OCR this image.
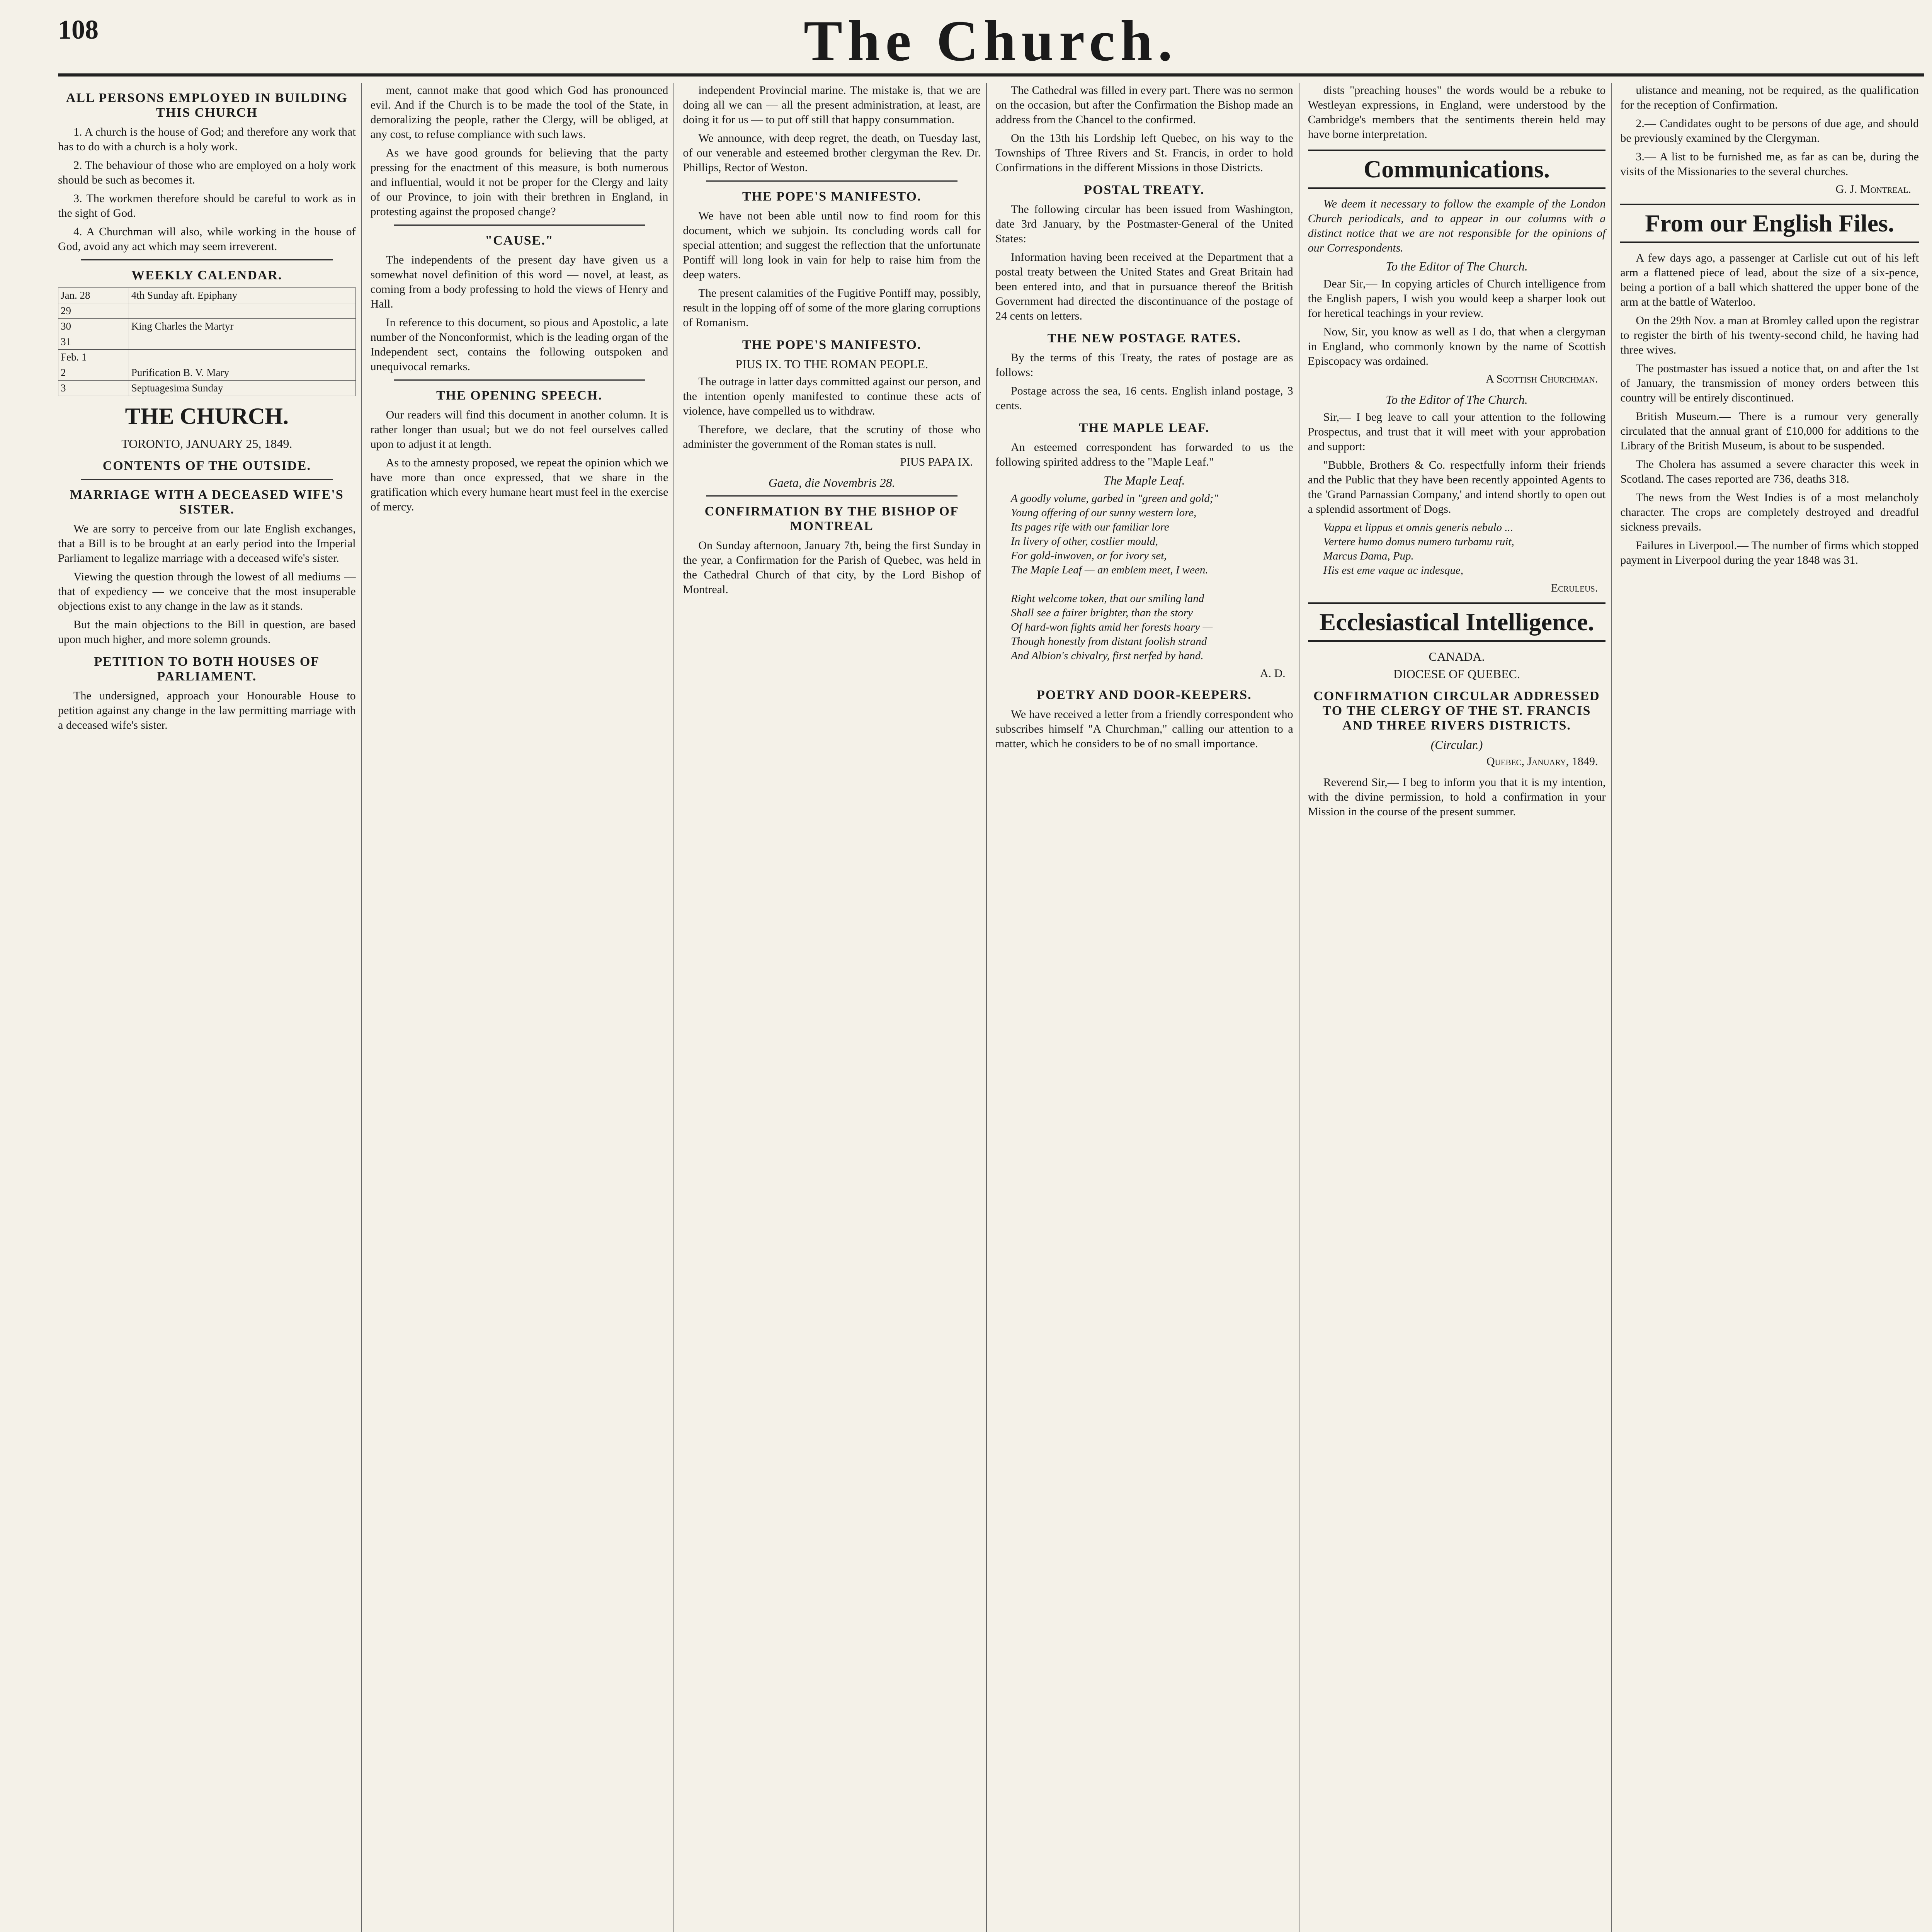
108	The Church.
ALL PERSONS EMPLOYED IN BUILDING THIS CHURCH

1. A church is the house of God; and therefore any work that has to do with a church is a holy work.

2. The behaviour of those who are employed on a holy work should be such as becomes it.

3. The workmen therefore should be careful to work as in the sight of God.

4. A Churchman will also, while working in the house of God, avoid any act which may seem irreverent.

WEEKLY CALENDAR.
Jan. 28	4th Sunday aft. Epiphany
29	
30	King Charles the Martyr
31	
Feb. 1	
2	Purification B. V. Mary
3	Septuagesima Sunday
THE CHURCH.
TORONTO, JANUARY 25, 1849.
CONTENTS OF THE OUTSIDE.
MARRIAGE WITH A DECEASED WIFE'S SISTER.

We are sorry to perceive from our late English exchanges, that a Bill is to be brought at an early period into the Imperial Parliament to legalize marriage with a deceased wife's sister.

Viewing the question through the lowest of all mediums — that of expediency — we conceive that the most insuperable objections exist to any change in the law as it stands.

But the main objections to the Bill in question, are based upon much higher, and more solemn grounds.

PETITION TO BOTH HOUSES OF PARLIAMENT.

The undersigned, approach your Honourable House to petition against any change in the law permitting marriage with a deceased wife's sister.

ment, cannot make that good which God has pronounced evil. And if the Church is to be made the tool of the State, in demoralizing the people, rather the Clergy, will be obliged, at any cost, to refuse compliance with such laws.

As we have good grounds for believing that the party pressing for the enactment of this measure, is both numerous and influential, would it not be proper for the Clergy and laity of our Province, to join with their brethren in England, in protesting against the proposed change?

"CAUSE."

The independents of the present day have given us a somewhat novel definition of this word — novel, at least, as coming from a body professing to hold the views of Henry and Hall.

In reference to this document, so pious and Apostolic, a late number of the Nonconformist, which is the leading organ of the Independent sect, contains the following outspoken and unequivocal remarks.

THE OPENING SPEECH.

Our readers will find this document in another column. It is rather longer than usual; but we do not feel ourselves called upon to adjust it at length.

As to the amnesty proposed, we repeat the opinion which we have more than once expressed, that we share in the gratification which every humane heart must feel in the exercise of mercy.

independent Provincial marine. The mistake is, that we are doing all we can — all the present administration, at least, are doing it for us — to put off still that happy consummation.

We announce, with deep regret, the death, on Tuesday last, of our venerable and esteemed brother clergyman the Rev. Dr. Phillips, Rector of Weston.

THE POPE'S MANIFESTO.

We have not been able until now to find room for this document, which we subjoin. Its concluding words call for special attention; and suggest the reflection that the unfortunate Pontiff will long look in vain for help to raise him from the deep waters.

The present calamities of the Fugitive Pontiff may, possibly, result in the lopping off of some of the more glaring corruptions of Romanism.

THE POPE'S MANIFESTO.
PIUS IX. TO THE ROMAN PEOPLE.

The outrage in latter days committed against our person, and the intention openly manifested to continue these acts of violence, have compelled us to withdraw.

Therefore, we declare, that the scrutiny of those who administer the government of the Roman states is null.

PIUS PAPA IX.
Gaeta, die Novembris 28.
CONFIRMATION BY THE BISHOP OF MONTREAL

On Sunday afternoon, January 7th, being the first Sunday in the year, a Confirmation for the Parish of Quebec, was held in the Cathedral Church of that city, by the Lord Bishop of Montreal.

The Cathedral was filled in every part. There was no sermon on the occasion, but after the Confirmation the Bishop made an address from the Chancel to the confirmed.

On the 13th his Lordship left Quebec, on his way to the Townships of Three Rivers and St. Francis, in order to hold Confirmations in the different Missions in those Districts.

POSTAL TREATY.

The following circular has been issued from Washington, date 3rd January, by the Postmaster-General of the United States:

Information having been received at the Department that a postal treaty between the United States and Great Britain had been entered into, and that in pursuance thereof the British Government had directed the discontinuance of the postage of 24 cents on letters.

THE NEW POSTAGE RATES.

By the terms of this Treaty, the rates of postage are as follows:

Postage across the sea, 16 cents. English inland postage, 3 cents.

THE MAPLE LEAF.

An esteemed correspondent has forwarded to us the following spirited address to the "Maple Leaf."

The Maple Leaf.
A goodly volume, garbed in "green and gold;"
Young offering of our sunny western lore,
Its pages rife with our familiar lore
In livery of other, costlier mould,
For gold-inwoven, or for ivory set,
The Maple Leaf — an emblem meet, I ween.

Right welcome token, that our smiling land
Shall see a fairer brighter, than the story
Of hard-won fights amid her forests hoary —
Though honestly from distant foolish strand
And Albion's chivalry, first nerfed by hand.
A. D.
POETRY AND DOOR-KEEPERS.

We have received a letter from a friendly correspondent who subscribes himself "A Churchman," calling our attention to a matter, which he considers to be of no small importance.

dists "preaching houses" the words would be a rebuke to Westleyan expressions, in England, were understood by the Cambridge's members that the sentiments therein held may have borne interpretation.

Communications.

We deem it necessary to follow the example of the London Church periodicals, and to appear in our columns with a distinct notice that we are not responsible for the opinions of our Correspondents.

To the Editor of The Church.

Dear Sir,— In copying articles of Church intelligence from the English papers, I wish you would keep a sharper look out for heretical teachings in your review.

Now, Sir, you know as well as I do, that when a clergyman in England, who commonly known by the name of Scottish Episcopacy was ordained.

A Scottish Churchman.
To the Editor of The Church.

Sir,— I beg leave to call your attention to the following Prospectus, and trust that it will meet with your approbation and support:

"Bubble, Brothers & Co. respectfully inform their friends and the Public that they have been recently appointed Agents to the 'Grand Parnassian Company,' and intend shortly to open out a splendid assortment of Dogs.

Vappa et lippus et omnis generis nebulo ...
Vertere humo domus numero turbamu ruit,
Marcus Dama, Pup.
His est eme vaque ac indesque,
Ecruleus.
Ecclesiastical Intelligence.
CANADA.
DIOCESE OF QUEBEC.
CONFIRMATION CIRCULAR ADDRESSED TO THE CLERGY OF THE ST. FRANCIS AND THREE RIVERS DISTRICTS.
(Circular.)
Quebec, January, 1849.

Reverend Sir,— I beg to inform you that it is my intention, with the divine permission, to hold a confirmation in your Mission in the course of the present summer.

ulistance and meaning, not be required, as the qualification for the reception of Confirmation.

2.— Candidates ought to be persons of due age, and should be previously examined by the Clergyman.

3.— A list to be furnished me, as far as can be, during the visits of the Missionaries to the several churches.

G. J. Montreal.
From our English Files.

A few days ago, a passenger at Carlisle cut out of his left arm a flattened piece of lead, about the size of a six-pence, being a portion of a ball which shattered the upper bone of the arm at the battle of Waterloo.

On the 29th Nov. a man at Bromley called upon the registrar to register the birth of his twenty-second child, he having had three wives.

The postmaster has issued a notice that, on and after the 1st of January, the transmission of money orders between this country will be entirely discontinued.

British Museum.— There is a rumour very generally circulated that the annual grant of £10,000 for additions to the Library of the British Museum, is about to be suspended.

The Cholera has assumed a severe character this week in Scotland. The cases reported are 736, deaths 318.

The news from the West Indies is of a most melancholy character. The crops are completely destroyed and dreadful sickness prevails.

Failures in Liverpool.— The number of firms which stopped payment in Liverpool during the year 1848 was 31.
